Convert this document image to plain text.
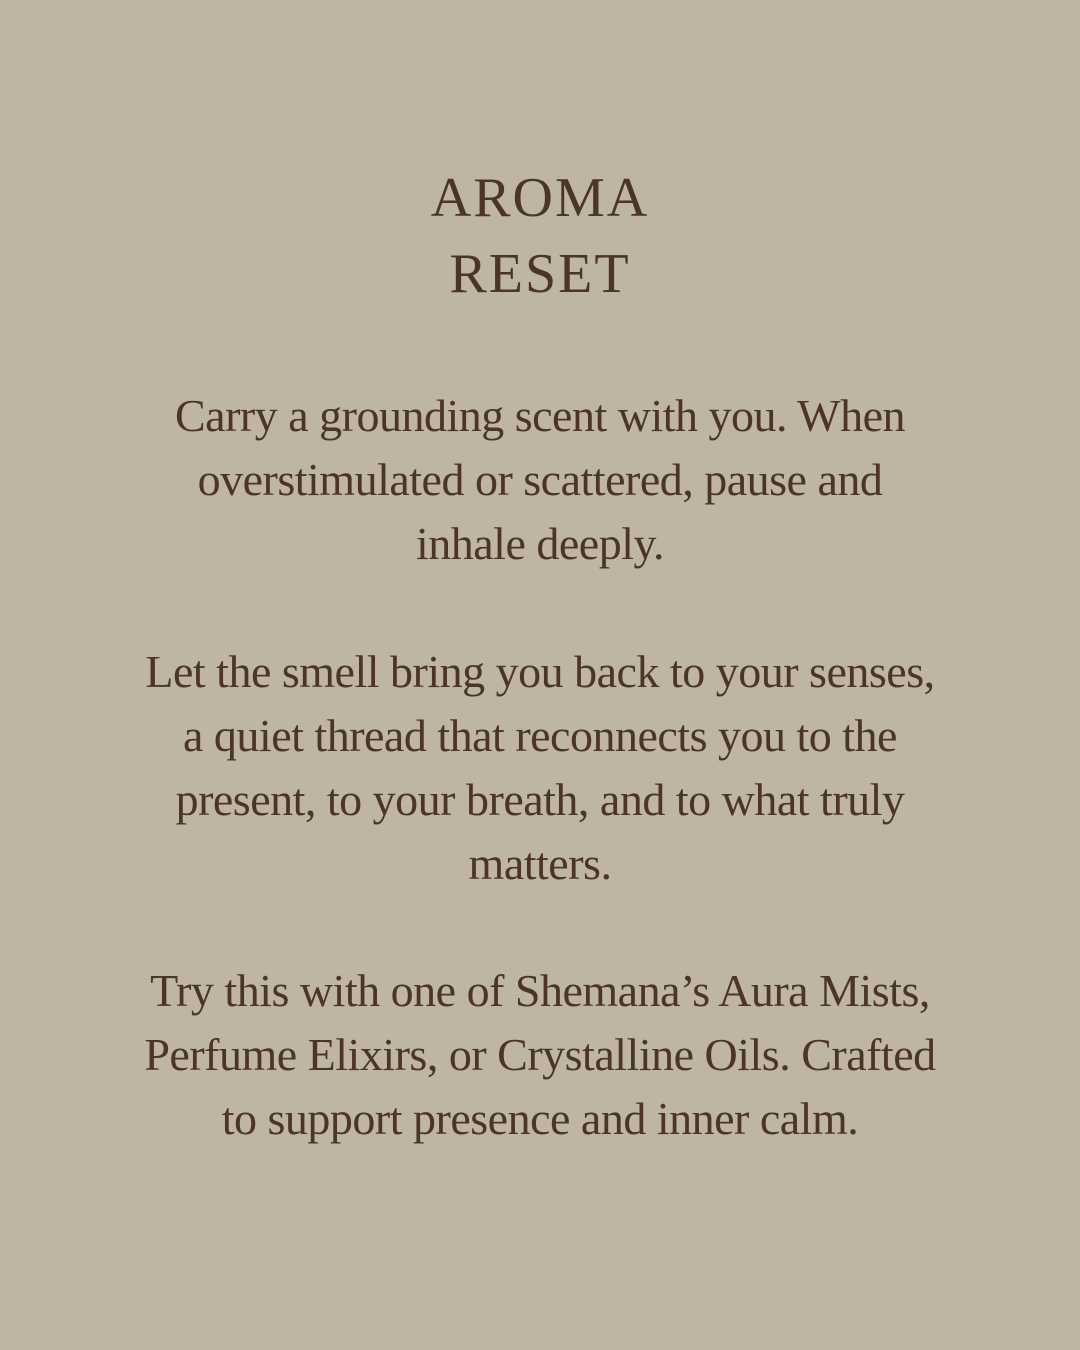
AROMA
RESET

Carry a grounding scent with you. When
overstimulated or scattered, pause and
inhale deeply.

Let the smell bring you back to your senses,
a quiet thread that reconnects you to the
present, to your breath, and to what truly
matters.

Try this with one of Shemana’s Aura Mists,
Perfume Elixirs, or Crystalline Oils. Crafted
to support presence and inner calm.
